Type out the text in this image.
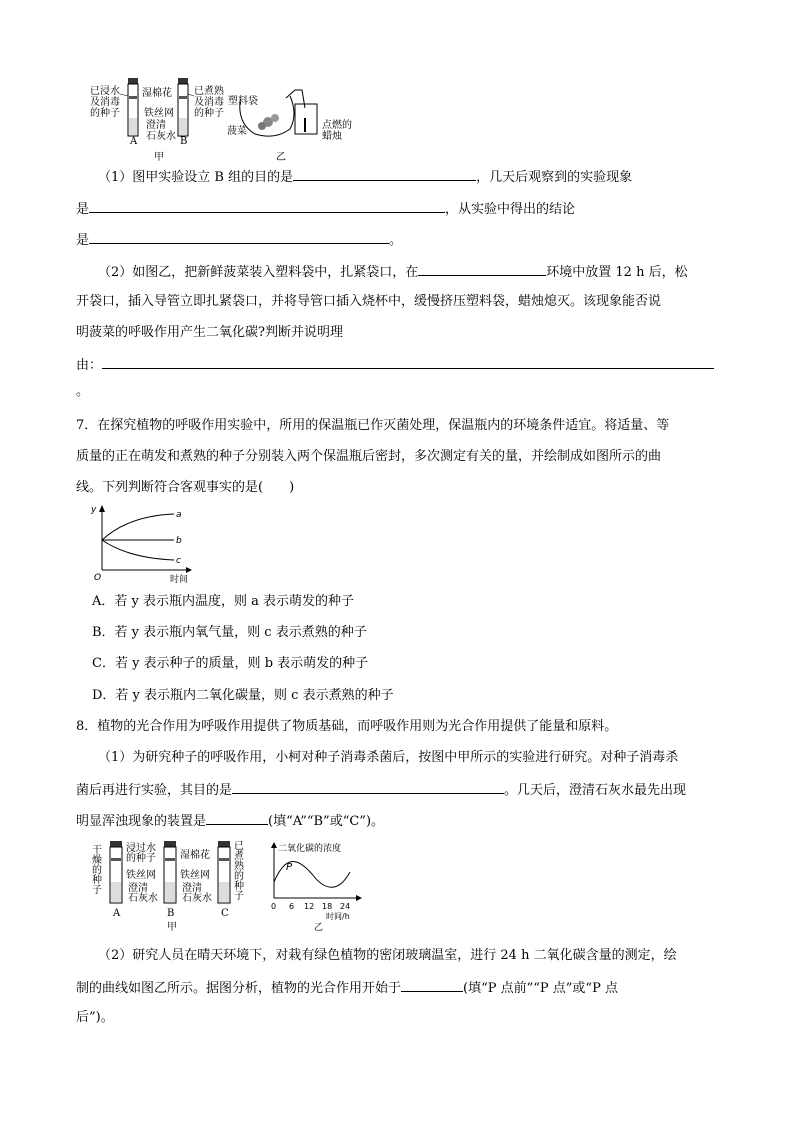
已浸水
及消毒
的种子
湿棉花
铁丝网
澄清
石灰水
已煮熟
及消毒
的种子
A	B
甲
塑料袋
菠菜
点燃的
蜡烛
乙
（1）图甲实验设立 B 组的目的是	，几天后观察到的实验现象
是	，从实验中得出的结论
是	。
（2）如图乙，把新鲜菠菜装入塑料袋中，扎紧袋口，在	环境中放置 12 h 后，松
开袋口，插入导管立即扎紧袋口，并将导管口插入烧杯中，缓慢挤压塑料袋，蜡烛熄灭。该现象能否说
明菠菜的呼吸作用产生二氧化碳?判断并说明理
由：
。
7．在探究植物的呼吸作用实验中，所用的保温瓶已作灭菌处理，保温瓶内的环境条件适宜。将适量、等
质量的正在萌发和煮熟的种子分别装入两个保温瓶后密封，多次测定有关的量，并绘制成如图所示的曲
线。下列判断符合客观事实的是(　　)
y	a
b
c
O	时间
A．若 y 表示瓶内温度，则 a 表示萌发的种子
B．若 y 表示瓶内氧气量，则 c 表示煮熟的种子
C．若 y 表示种子的质量，则 b 表示萌发的种子
D．若 y 表示瓶内二氧化碳量，则 c 表示煮熟的种子
8．植物的光合作用为呼吸作用提供了物质基础，而呼吸作用则为光合作用提供了能量和原料。
（1）为研究种子的呼吸作用，小柯对种子消毒杀菌后，按图中甲所示的实验进行研究。对种子消毒杀
菌后再进行实验，其目的是	。几天后，澄清石灰水最先出现
明显浑浊现象的装置是	(填“A”“B”或“C”)。
干
燥
的
种
子
浸过水
的种子 湿棉花
铁丝网 铁丝网
澄清
石灰水
澄清
石灰水
已
煮
熟
的
种
子
A	B	C
甲
二氧化碳的浓度
P
0 6 12 18 24
时间/h
乙
（2）研究人员在晴天环境下，对栽有绿色植物的密闭玻璃温室，进行 24 h 二氧化碳含量的测定，绘
制的曲线如图乙所示。据图分析，植物的光合作用开始于	(填“P 点前”“P 点”或“P 点
后”)。
